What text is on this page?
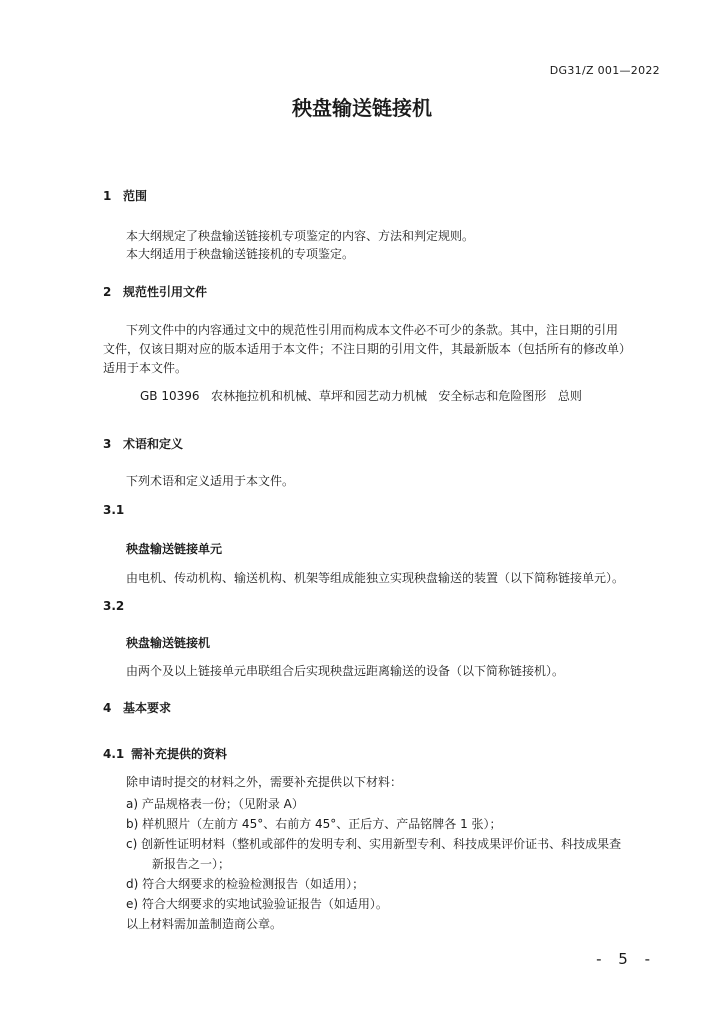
DG31/Z 001—2022
秧盘输送链接机
1 范围
本大纲规定了秧盘输送链接机专项鉴定的内容、方法和判定规则。
本大纲适用于秧盘输送链接机的专项鉴定。
2 规范性引用文件
下列文件中的内容通过文中的规范性引用而构成本文件必不可少的条款。其中，注日期的引用
文件，仅该日期对应的版本适用于本文件；不注日期的引用文件，其最新版本（包括所有的修改单）
适用于本文件。
GB 10396   农林拖拉机和机械、草坪和园艺动力机械   安全标志和危险图形   总则
3 术语和定义
下列术语和定义适用于本文件。
3.1
秧盘输送链接单元
由电机、传动机构、输送机构、机架等组成能独立实现秧盘输送的装置（以下简称链接单元）。
3.2
秧盘输送链接机
由两个及以上链接单元串联组合后实现秧盘远距离输送的设备（以下简称链接机）。
4 基本要求
4.1 需补充提供的资料
除申请时提交的材料之外，需要补充提供以下材料：
a) 产品规格表一份；（见附录 A）
b) 样机照片（左前方 45°、右前方 45°、正后方、产品铭牌各 1 张）；
c) 创新性证明材料（整机或部件的发明专利、实用新型专利、科技成果评价证书、科技成果查
新报告之一）；
d) 符合大纲要求的检验检测报告（如适用）；
e) 符合大纲要求的实地试验验证报告（如适用）。
以上材料需加盖制造商公章。
- 5 -
